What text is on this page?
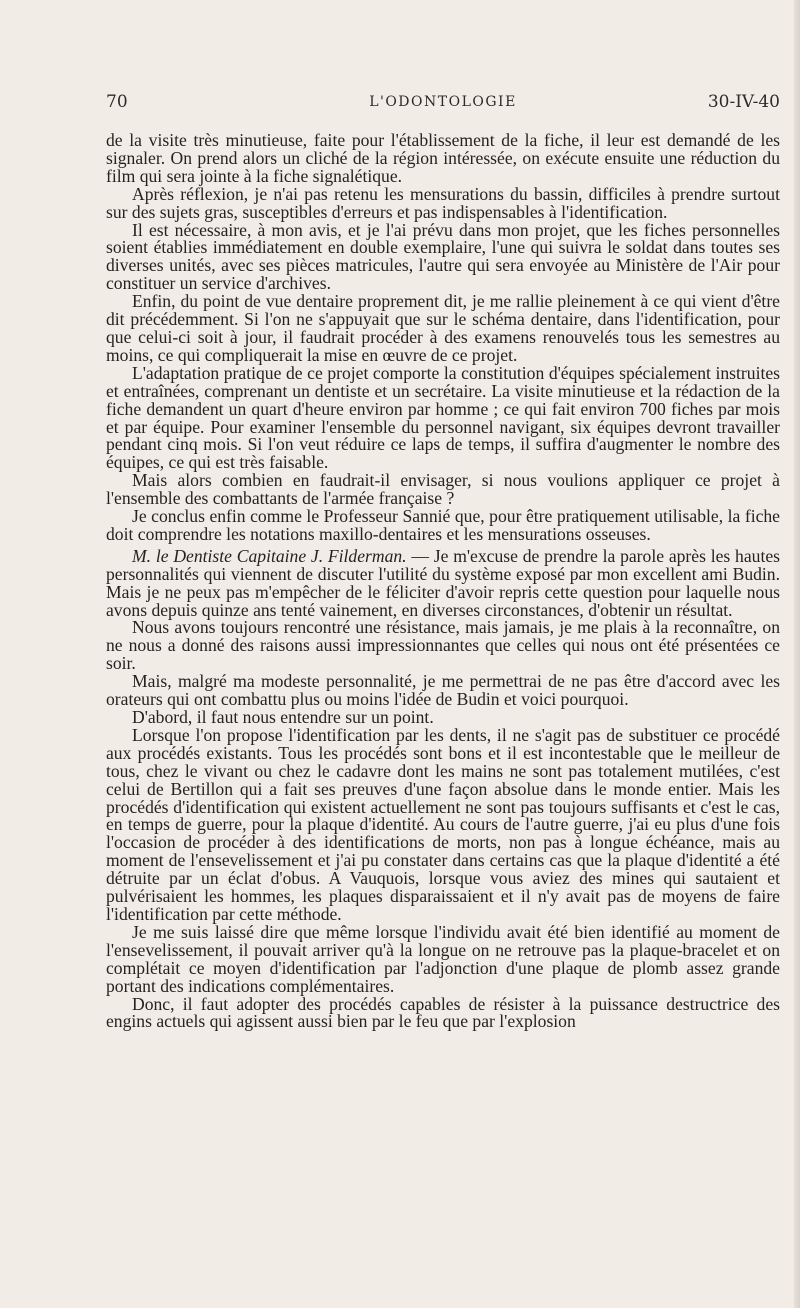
70	L'ODONTOLOGIE	30-IV-40

de la visite très minutieuse, faite pour l'établissement de la fiche, il leur est demandé de les signaler. On prend alors un cliché de la région intéressée, on exécute ensuite une réduction du film qui sera jointe à la fiche signalétique.

Après réflexion, je n'ai pas retenu les mensurations du bassin, difficiles à prendre surtout sur des sujets gras, susceptibles d'erreurs et pas indispensables à l'identification.

Il est nécessaire, à mon avis, et je l'ai prévu dans mon projet, que les fiches personnelles soient établies immédiatement en double exemplaire, l'une qui suivra le soldat dans toutes ses diverses unités, avec ses pièces matricules, l'autre qui sera envoyée au Ministère de l'Air pour constituer un service d'archives.

Enfin, du point de vue dentaire proprement dit, je me rallie pleinement à ce qui vient d'être dit précédemment. Si l'on ne s'appuyait que sur le schéma dentaire, dans l'identification, pour que celui-ci soit à jour, il faudrait procéder à des examens renouvelés tous les semestres au moins, ce qui compliquerait la mise en œuvre de ce projet.

L'adaptation pratique de ce projet comporte la constitution d'équipes spécialement instruites et entraînées, comprenant un dentiste et un secrétaire. La visite minutieuse et la rédaction de la fiche demandent un quart d'heure environ par homme ; ce qui fait environ 700 fiches par mois et par équipe. Pour examiner l'ensemble du personnel navigant, six équipes devront travailler pendant cinq mois. Si l'on veut réduire ce laps de temps, il suffira d'augmenter le nombre des équipes, ce qui est très faisable.

Mais alors combien en faudrait-il envisager, si nous voulions appliquer ce projet à l'ensemble des combattants de l'armée française ?

Je conclus enfin comme le Professeur Sannié que, pour être pratiquement utilisable, la fiche doit comprendre les notations maxillo-dentaires et les mensurations osseuses.

M. le Dentiste Capitaine J. Filderman. — Je m'excuse de prendre la parole après les hautes personnalités qui viennent de discuter l'utilité du système exposé par mon excellent ami Budin. Mais je ne peux pas m'empêcher de le féliciter d'avoir repris cette question pour laquelle nous avons depuis quinze ans tenté vainement, en diverses circonstances, d'obtenir un résultat.

Nous avons toujours rencontré une résistance, mais jamais, je me plais à la reconnaître, on ne nous a donné des raisons aussi impressionnantes que celles qui nous ont été présentées ce soir.

Mais, malgré ma modeste personnalité, je me permettrai de ne pas être d'accord avec les orateurs qui ont combattu plus ou moins l'idée de Budin et voici pourquoi.

D'abord, il faut nous entendre sur un point.

Lorsque l'on propose l'identification par les dents, il ne s'agit pas de substituer ce procédé aux procédés existants. Tous les procédés sont bons et il est incontestable que le meilleur de tous, chez le vivant ou chez le cadavre dont les mains ne sont pas totalement mutilées, c'est celui de Bertillon qui a fait ses preuves d'une façon absolue dans le monde entier. Mais les procédés d'identification qui existent actuellement ne sont pas toujours suffisants et c'est le cas, en temps de guerre, pour la plaque d'identité. Au cours de l'autre guerre, j'ai eu plus d'une fois l'occasion de procéder à des identifications de morts, non pas à longue échéance, mais au moment de l'ensevelissement et j'ai pu constater dans certains cas que la plaque d'identité a été détruite par un éclat d'obus. A Vauquois, lorsque vous aviez des mines qui sautaient et pulvérisaient les hommes, les plaques disparaissaient et il n'y avait pas de moyens de faire l'identification par cette méthode.

Je me suis laissé dire que même lorsque l'individu avait été bien identifié au moment de l'ensevelissement, il pouvait arriver qu'à la longue on ne retrouve pas la plaque-bracelet et on complétait ce moyen d'identification par l'adjonction d'une plaque de plomb assez grande portant des indications complémentaires.

Donc, il faut adopter des procédés capables de résister à la puissance destructrice des engins actuels qui agissent aussi bien par le feu que par l'explosion
